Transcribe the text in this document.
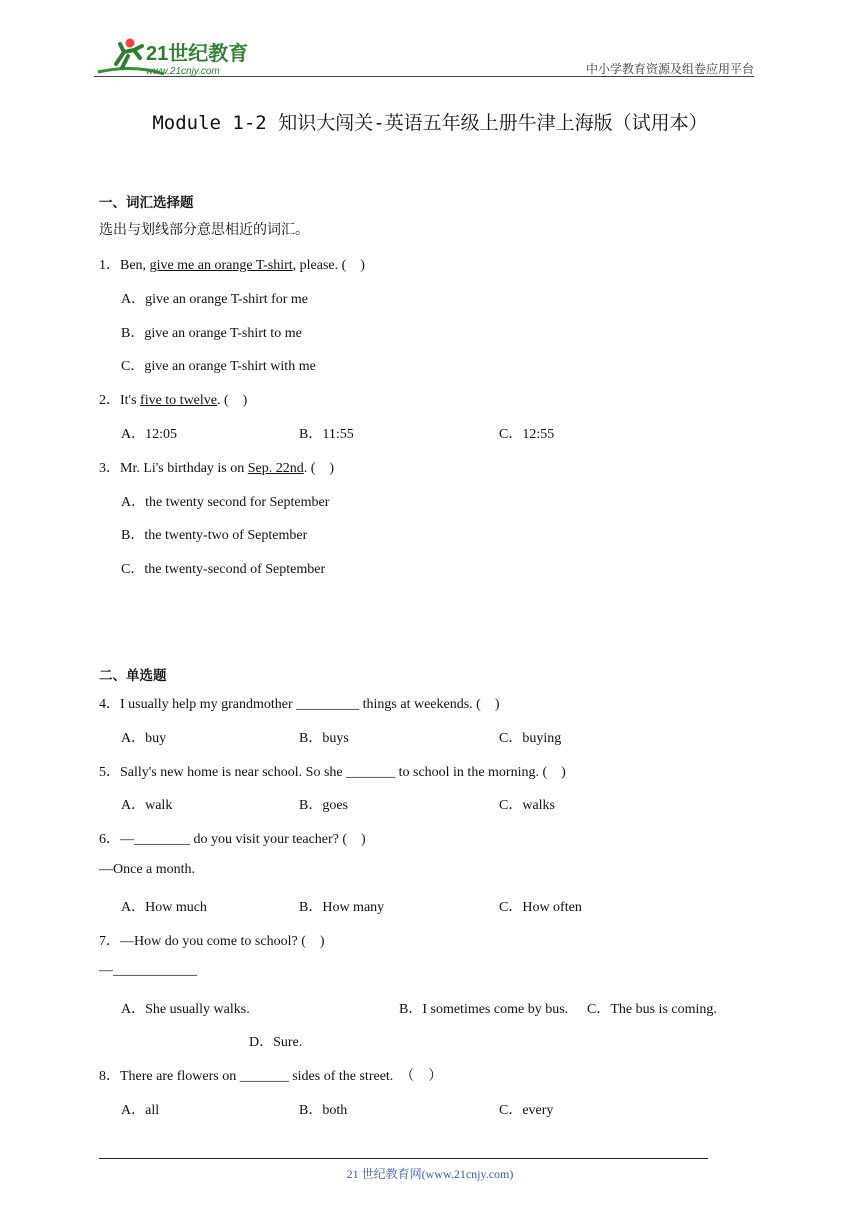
21世纪教育
www.21cnjy.com	中小学教育资源及组卷应用平台
Module 1-2 知识大闯关-英语五年级上册牛津上海版（试用本）
一、词汇选择题
选出与划线部分意思相近的词汇。
1．Ben, give me an orange T-shirt, please. (　)
A．give an orange T-shirt for me
B．give an orange T-shirt to me
C．give an orange T-shirt with me
2．It's five to twelve. (　)
A．12:05	B．11:55	C．12:55
3．Mr. Li's birthday is on Sep. 22nd. (　)
A．the twenty second for September
B．the twenty-two of September
C．the twenty-second of September
二、单选题
4．I usually help my grandmother _________ things at weekends. (　)
A．buy	B．buys	C．buying
5．Sally's new home is near school. So she _______ to school in the morning. (　)
A．walk	B．goes	C．walks
6．—________ do you visit your teacher? (　)
—Once a month.
A．How much	B．How many	C．How often
7．—How do you come to school? (　)
—____________
A．She usually walks.	B．I sometimes come by bus. C．The bus is coming.
D．Sure.
8．There are flowers on _______ sides of the street.　（　）
A．all	B．both	C．every
21 世纪教育网(www.21cnjy.com)
